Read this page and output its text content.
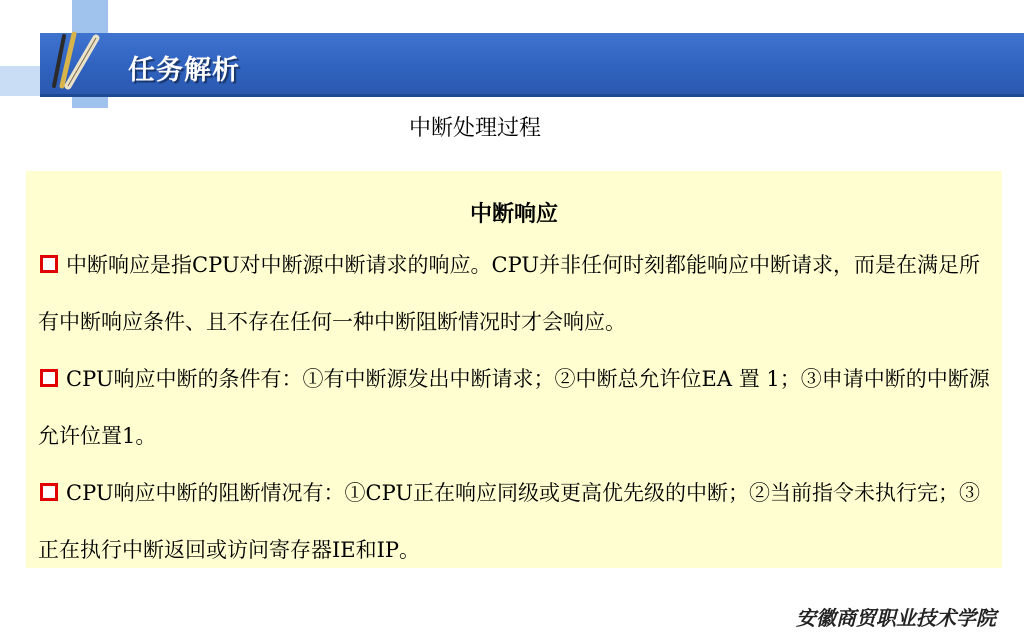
任务解析
中断处理过程
中断响应
中断响应是指CPU对中断源中断请求的响应。CPU并非任何时刻都能响应中断请求，而是在满足所有中断响应条件、且不存在任何一种中断阻断情况时才会响应。
CPU响应中断的条件有：①有中断源发出中断请求；②中断总允许位EA 置 1；③申请中断的中断源允许位置1。
CPU响应中断的阻断情况有：①CPU正在响应同级或更高优先级的中断；②当前指令未执行完；③正在执行中断返回或访问寄存器IE和IP。
安徽商贸职业技术学院
